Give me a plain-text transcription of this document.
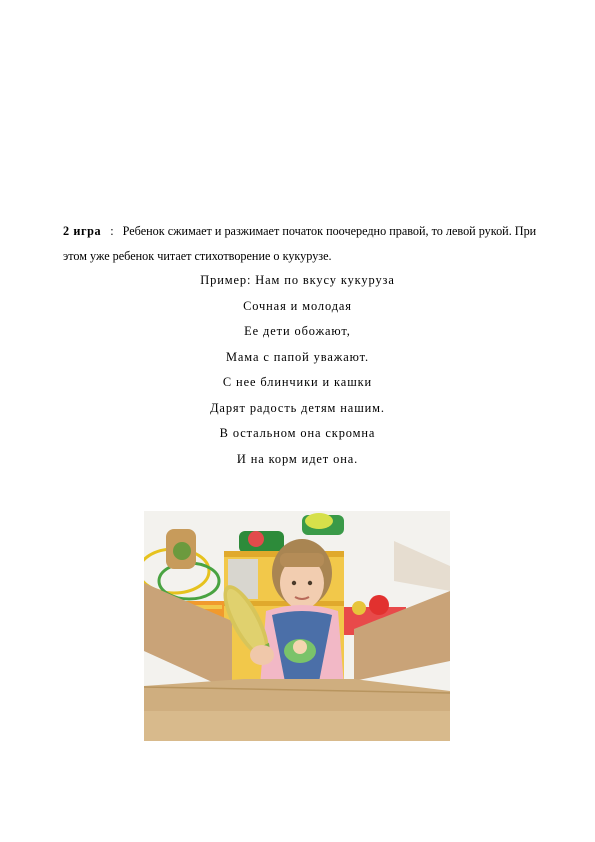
2 игра : Ребенок сжимает и разжимает початок поочередно правой, то левой рукой. При этом уже ребенок читает стихотворение о кукурузе.
Пример: Нам по вкусу кукуруза
Сочная и молодая
Ее дети обожают,
Мама с папой уважают.
С нее блинчики и кашки
Дарят радость детям нашим.
В остальном она скромна
И на корм идет она.
